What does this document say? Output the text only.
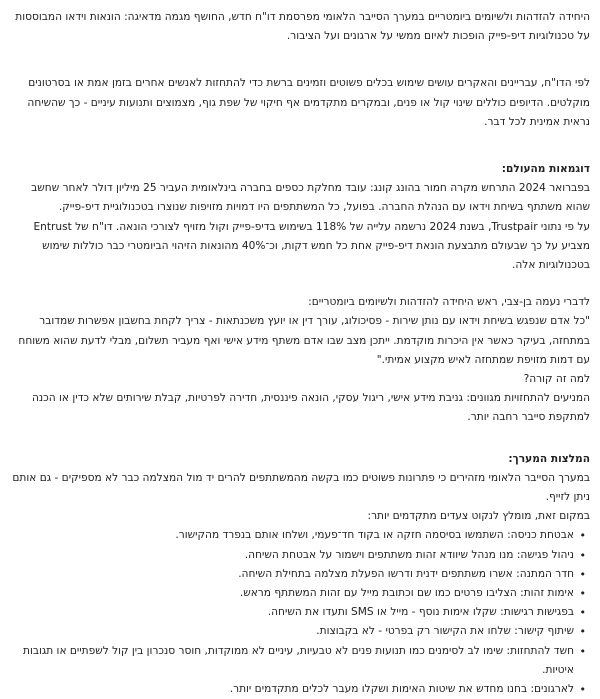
היחידה להזדהות ולשיומים ביומטריים במערך הסייבר הלאומי מפרסמת דו"ח חדש, החושף מגמה מדאיגה: הונאות וידאו המבוססות על טכנולוגיות דיפ-פייק הופכות לאיום ממשי על ארגונים ועל הציבור.

לפי הדו"ח, עבריינים והאקרים עושים שימוש בכלים פשוטים וזמינים ברשת כדי להתחזות לאנשים אחרים בזמן אמת או בסרטונים מוקלטים. הדיופים כוללים שינוי קול או פנים, ובמקרים מתקדמים אף חיקוי של שפת גוף, מצמוצים ותנועות עיניים - כך שהשיחה נראית אמינית לכל דבר.

דוגמאות מהעולם:

בפברואר 2024 התרחש מקרה חמור בהונג קונג: עובד מחלקת כספים בחברה בינלאומית העביר 25 מיליון דולר לאחר שחשב שהוא משתתף בשיחת וידאו עם הנהלת החברה. בפועל, כל המשתתפים היו דמויות מזויפות שנוצרו בטכנולוגיית דיפ-פייק.

על פי נתוני Trustpair, בשנת 2024 נרשמה עלייה של 118% בשימוש בדיפ-פייק וקול מזויף לצורכי הונאה. דו"ח של Entrust מצביע על כך שבעולם מתבצעת הונאת דיפ-פייק אחת כל חמש דקות, וכ־40% מהונאות הזיהוי הביומטרי כבר כוללות שימוש בטכנולוגיות אלה.

לדברי נעמה בן-צבי, ראש היחידה להזדהות ולשיומים ביומטריים:

"כל אדם שנפגש בשיחת וידאו עם נותן שירות - פסיכולוג, עורך דין או יועץ משכנתאות - צריך לקחת בחשבון אפשרות שמדובר במתחזה, בעיקר כאשר אין היכרות מוקדמת. ייתכן מצב שבו אדם משתף מידע אישי ואף מעביר תשלום, מבלי לדעת שהוא משוחח עם דמות מזויפת שמתחזה לאיש מקצוע אמיתי."

למה זה קורה?

המניעים להתחזויות מגוונים: גניבת מידע אישי, ריגול עסקי, הונאה פיננסית, חדירה לפרטיות, קבלת שירותים שלא כדין או הכנה למתקפת סייבר רחבה יותר.

המלצות המערך:

במערך הסייבר הלאומי מזהירים כי פתרונות פשוטים כמו בקשה מהמשתתפים להרים יד מול המצלמה כבר לא מספיקים - גם אותם ניתן לזייף.

במקום זאת, מומלץ לנקוט צעדים מתקדמים יותר:

• אבטחת כניסה: השתמשו בסיסמה חזקה או בקוד חד־פעמי, ושלחו אותם בנפרד מהקישור.
• ניהול פגישה: מנו מנהל שיוודא זהות משתתפים וישמור על אבטחת השיחה.
• חדר המתנה: אשרו משתתפים ידנית ודרשו הפעלת מצלמה בתחילת השיחה.
• אימות זהות: הצליבו פרטים כמו שם וכתובת מייל עם זהות המשתתף מראש.
• בפגישות רגישות: שקלו אימות נוסף - מייל או SMS ותעדו את השיחה.
• שיתוף קישור: שלחו את הקישור רק בפרטי - לא בקבוצות.
• חשד להתחזות: שימו לב לסימנים כמו תנועות פנים לא טבעיות, עיניים לא ממוקדות, חוסר סנכרון בין קול לשפתיים או תגובות איטיות.
• לארגונים: בחנו מחדש את שיטות האימות ושקלו מעבר לכלים מתקדמים יותר.
